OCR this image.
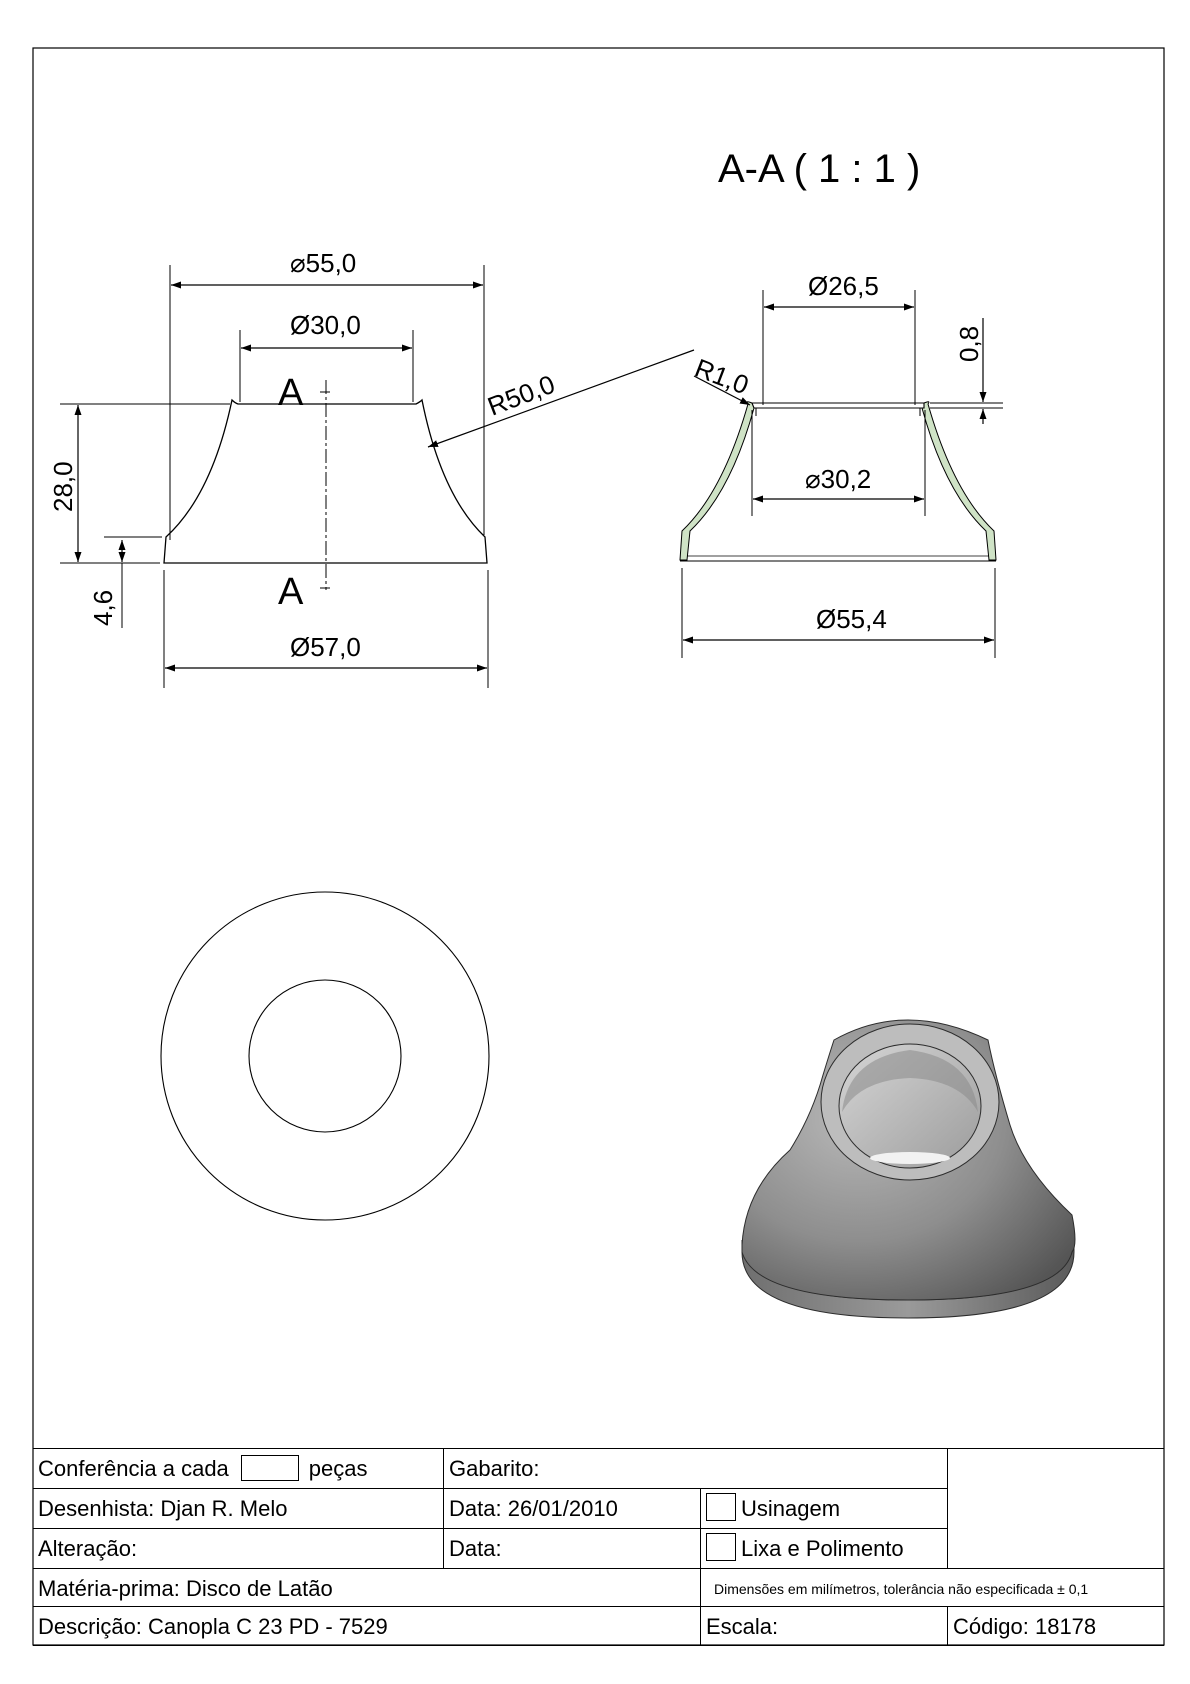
A-A ( 1 : 1 )
A
A
⌀55,0
Ø30,0
R50,0
28,0
4,6
Ø57,0
Ø26,5
0,8
R1,0
⌀30,2
Ø55,4
Conferência a cada	peças	Gabarito:
Desenhista: Djan R. Melo	Data: 26/01/2010	Usinagem
Alteração:	Data:	Lixa e Polimento
Matéria-prima: Disco de Latão	Dimensões em milímetros, tolerância não especificada ± 0,1
Descrição: Canopla C 23 PD - 7529	Escala:	Código: 18178
